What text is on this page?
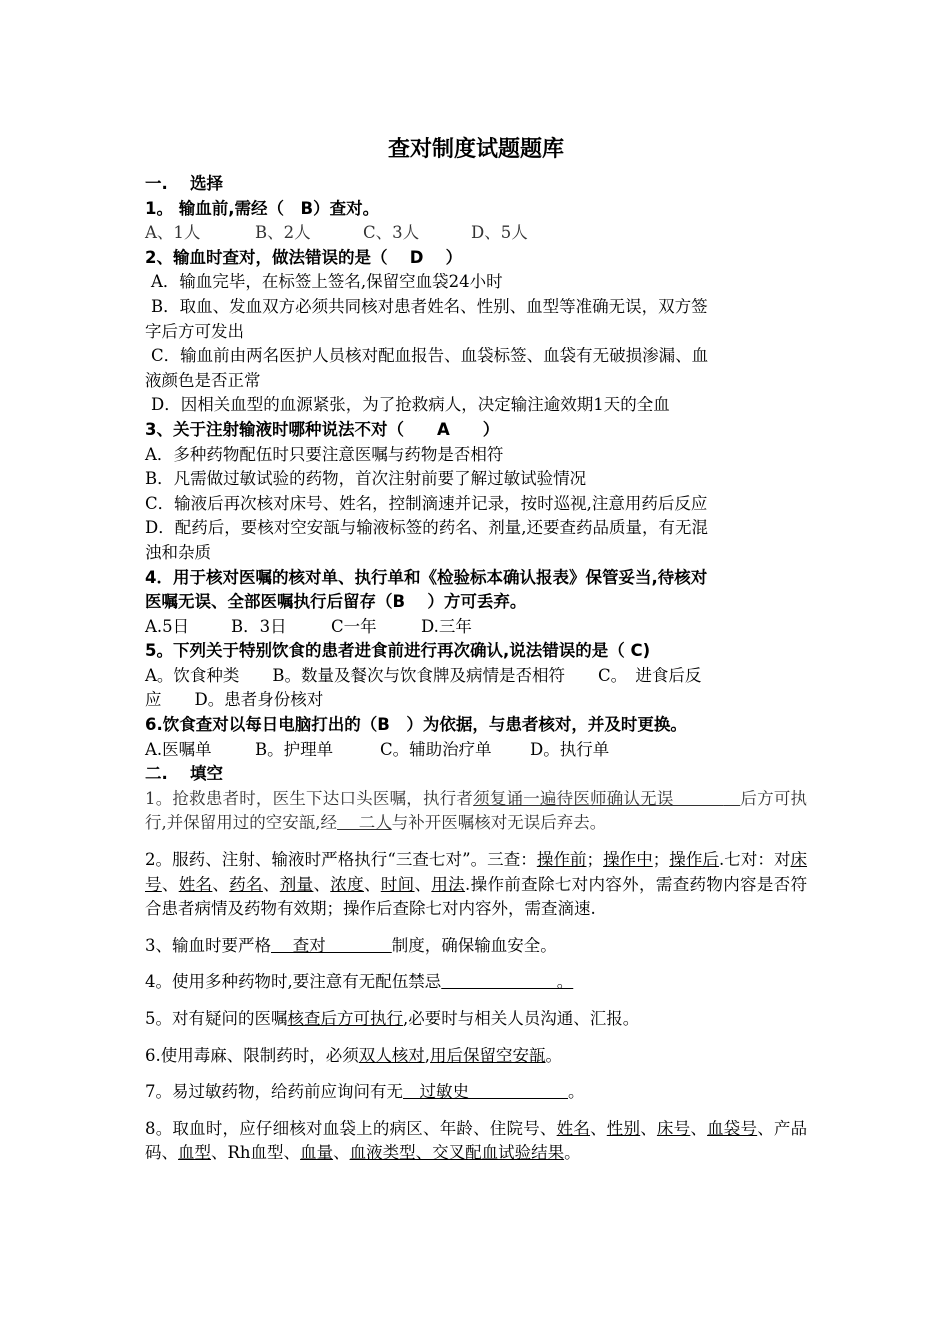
查对制度试题题库
一.　 选择
1。 输血前,需经（　B）查对。
A、1人	B、2人	C、3人	D、5人
2、输血时查对，做法错误的是（　 D　 ）
A．输血完毕，在标签上签名,保留空血袋24小时
B．取血、发血双方必须共同核对患者姓名、性别、血型等准确无误，双方签
字后方可发出
C．输血前由两名医护人员核对配血报告、血袋标签、血袋有无破损渗漏、血
液颜色是否正常
D．因相关血型的血源紧张，为了抢救病人，决定输注逾效期1天的全血
3、关于注射输液时哪种说法不对（　　A　　）
A．多种药物配伍时只要注意医嘱与药物是否相符
B．凡需做过敏试验的药物，首次注射前要了解过敏试验情况
C．输液后再次核对床号、姓名，控制滴速并记录，按时巡视,注意用药后反应
D．配药后，要核对空安瓿与输液标签的药名、剂量,还要查药品质量，有无混
浊和杂质
4．用于核对医嘱的核对单、执行单和《检验标本确认报表》保管妥当,待核对
医嘱无误、全部医嘱执行后留存（B　 ）方可丢弃。
A.5日	B．3日	C一年	D.三年
5。下列关于特别饮食的患者进食前进行再次确认,说法错误的是（ C)
A。饮食种类　　B。数量及餐次与饮食牌及病情是否相符　　C。　进食后反
应　　D。患者身份核对
6.饮食查对以每日电脑打出的（B　）为依据，与患者核对，并及时更换。
A.医嘱单	B。护理单	C。辅助治疗单 D。执行单
二.　 填空
1。抢救患者时，医生下达口头医嘱，执行者须复诵一遍待医师确认无误　　　　后方可执行,并保留用过的空安瓿,经　 二人与补开医嘱核对无误后弃去。
2。服药、注射、输液时严格执行“三查七对”。三查：操作前；操作中；操作后.七对：对床号、姓名、药名、剂量、浓度、时间、用法.操作前查除七对内容外，需查药物内容是否符合患者病情及药物有效期；操作后查除七对内容外，需查滴速.
3、输血时要严格　 查对　　　　制度，确保输血安全。
4。使用多种药物时,要注意有无配伍禁忌　　　　　　　。
5。对有疑问的医嘱核查后方可执行,必要时与相关人员沟通、汇报。
6.使用毒麻、限制药时，必须双人核对,用后保留空安瓿。
7。易过敏药物，给药前应询问有无　过敏史　　　　　　。
8。取血时，应仔细核对血袋上的病区、年龄、住院号、姓名、性别、床号、血袋号、产品码、血型、Rh血型、血量、血液类型、交叉配血试验结果。
